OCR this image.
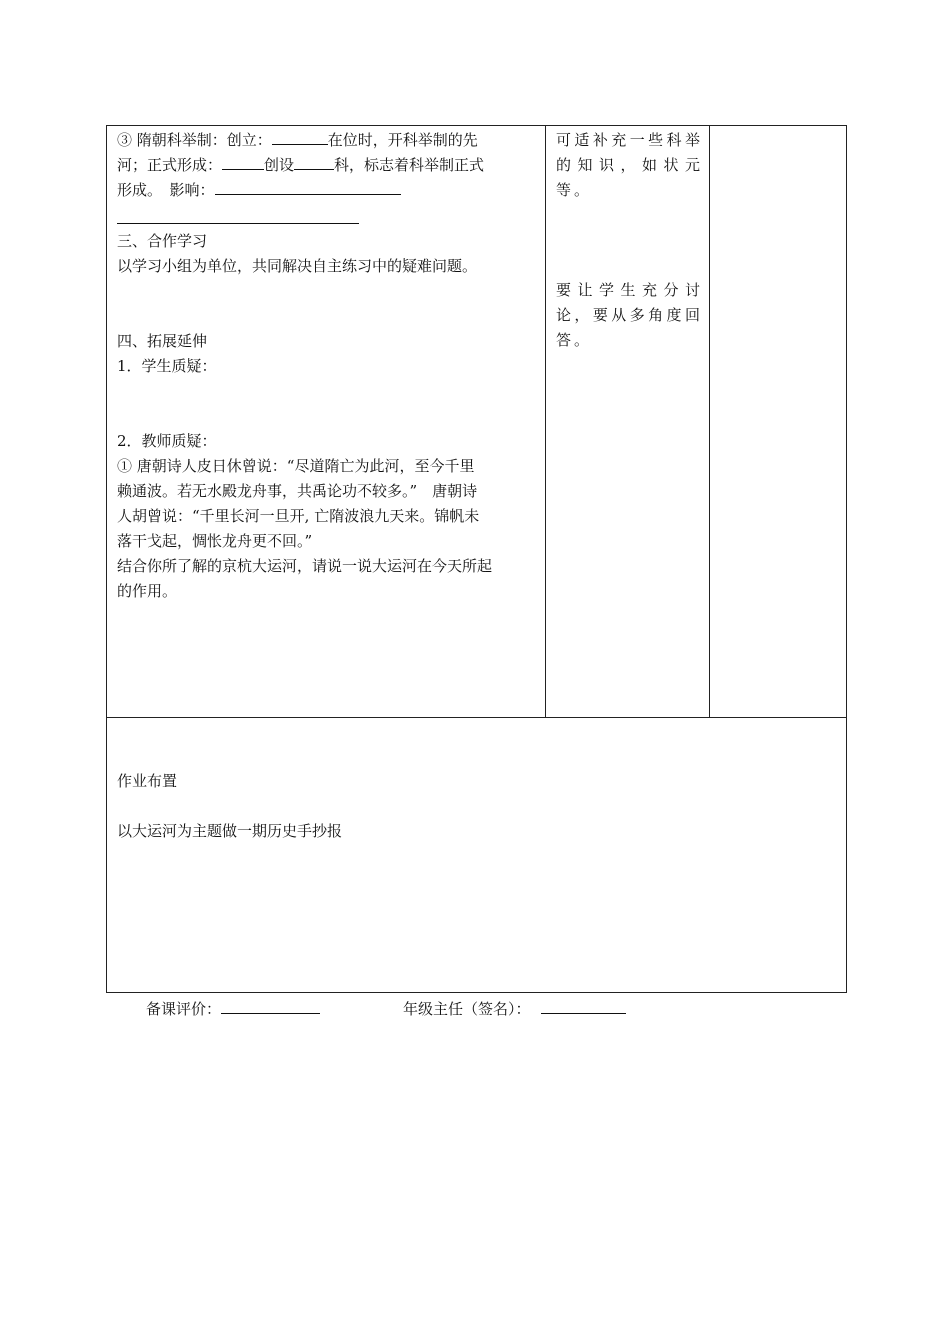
③ 隋朝科举制：创立：	在位时，开科举制的先
河；正式形成：	创设	科，标志着科举制正式
形成。　影响：
三、合作学习
以学习小组为单位，共同解决自主练习中的疑难问题。
四、拓展延伸
1．学生质疑：
2．教师质疑：
① 唐朝诗人皮日休曾说：“尽道隋亡为此河，至今千里
赖通波。若无水殿龙舟事，共禹论功不较多。”　唐朝诗
人胡曾说：“千里长河一旦开, 亡隋波浪九天来。锦帆未
落干戈起，惆怅龙舟更不回。”
结合你所了解的京杭大运河，请说一说大运河在今天所起
的作用。

可适补充一些科举的知识，如状元等。

要让学生充分讨论，要从多角度回答。

作业布置
以大运河为主题做一期历史手抄报
备课评价：	年级主任（签名）：
